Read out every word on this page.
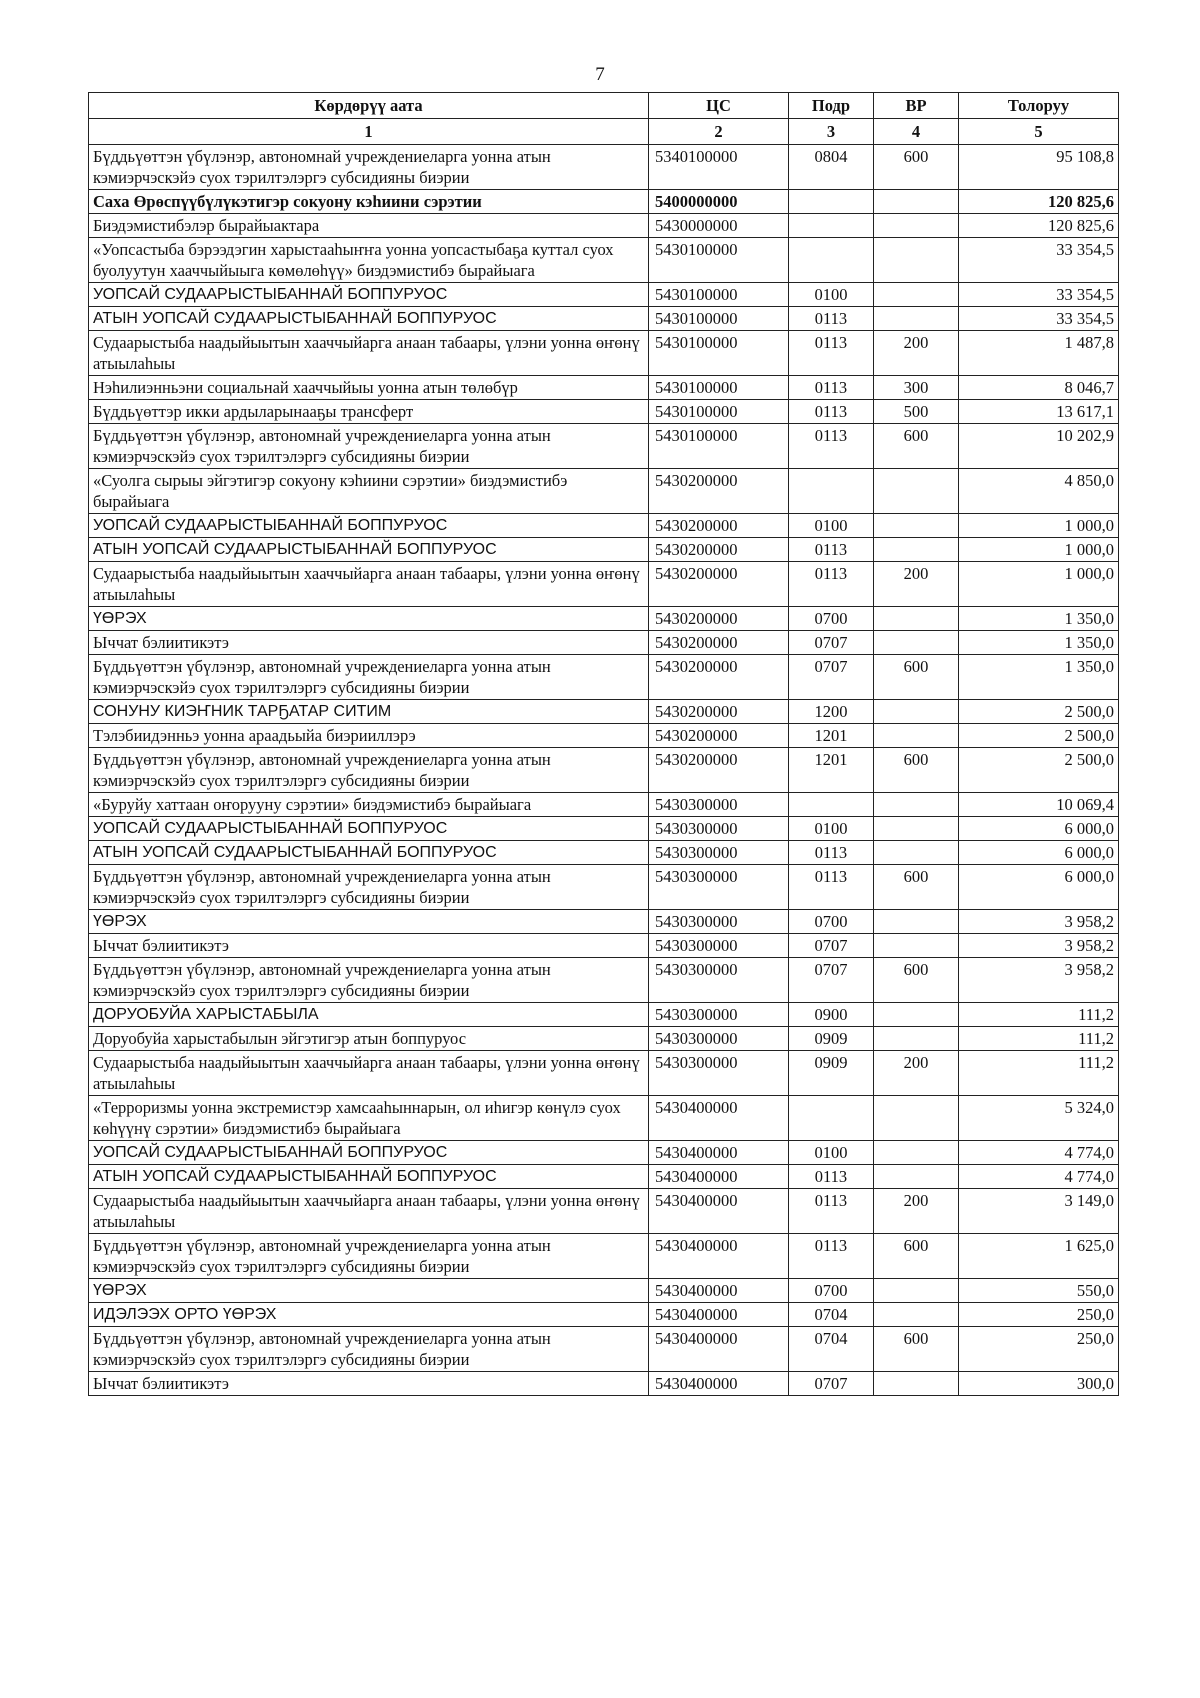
7
Көрдөрүү аата	ЦС	Подр	ВР	Толоруу
1	2	3	4	5
Бүддьүөттэн үбүлэнэр, автономнай учреждениеларга уонна атын кэмиэрчэскэйэ суох тэрилтэлэргэ субсидияны биэрии	5340100000	0804	600	95 108,8
Саха Өрөспүүбүлүкэтигэр сокуону кэһиини сэрэтии	5400000000			120 825,6
Биэдэмистибэлэр бырайыактара	5430000000			120 825,6
«Уопсастыба бэрээдэгин харыстааһыҥҥа уонна уопсастыбаҕа куттал суох буолуутун хааччыйыыга көмөлөһүү» биэдэмистибэ бырайыага	5430100000			33 354,5
УОПСАЙ СУДААРЫСТЫБАННАЙ БОППУРУОС	5430100000	0100		33 354,5
АТЫН УОПСАЙ СУДААРЫСТЫБАННАЙ БОППУРУОС	5430100000	0113		33 354,5
Судаарыстыба наадыйыытын хааччыйарга анаан табаары, үлэни уонна өҥөнү атыылаһыы	5430100000	0113	200	1 487,8
Нэһилиэнньэни социальнай хааччыйыы уонна атын төлөбүр	5430100000	0113	300	8 046,7
Бүддьүөттэр икки ардыларынааҕы трансферт	5430100000	0113	500	13 617,1
Бүддьүөттэн үбүлэнэр, автономнай учреждениеларга уонна атын кэмиэрчэскэйэ суох тэрилтэлэргэ субсидияны биэрии	5430100000	0113	600	10 202,9
«Суолга сырыы эйгэтигэр сокуону кэһиини сэрэтии» биэдэмистибэ бырайыага	5430200000			4 850,0
УОПСАЙ СУДААРЫСТЫБАННАЙ БОППУРУОС	5430200000	0100		1 000,0
АТЫН УОПСАЙ СУДААРЫСТЫБАННАЙ БОППУРУОС	5430200000	0113		1 000,0
Судаарыстыба наадыйыытын хааччыйарга анаан табаары, үлэни уонна өҥөнү атыылаһыы	5430200000	0113	200	1 000,0
ҮӨРЭХ	5430200000	0700		1 350,0
Ыччат бэлиитикэтэ	5430200000	0707		1 350,0
Бүддьүөттэн үбүлэнэр, автономнай учреждениеларга уонна атын кэмиэрчэскэйэ суох тэрилтэлэргэ субсидияны биэрии	5430200000	0707	600	1 350,0
СОНУНУ КИЭҤНИК ТАРҔАТАР СИТИМ	5430200000	1200		2 500,0
Тэлэбиидэнньэ уонна араадьыйа биэрииллэрэ	5430200000	1201		2 500,0
Бүддьүөттэн үбүлэнэр, автономнай учреждениеларга уонна атын кэмиэрчэскэйэ суох тэрилтэлэргэ субсидияны биэрии	5430200000	1201	600	2 500,0
«Буруйу хаттаан оҥорууну сэрэтии» биэдэмистибэ бырайыага	5430300000			10 069,4
УОПСАЙ СУДААРЫСТЫБАННАЙ БОППУРУОС	5430300000	0100		6 000,0
АТЫН УОПСАЙ СУДААРЫСТЫБАННАЙ БОППУРУОС	5430300000	0113		6 000,0
Бүддьүөттэн үбүлэнэр, автономнай учреждениеларга уонна атын кэмиэрчэскэйэ суох тэрилтэлэргэ субсидияны биэрии	5430300000	0113	600	6 000,0
ҮӨРЭХ	5430300000	0700		3 958,2
Ыччат бэлиитикэтэ	5430300000	0707		3 958,2
Бүддьүөттэн үбүлэнэр, автономнай учреждениеларга уонна атын кэмиэрчэскэйэ суох тэрилтэлэргэ субсидияны биэрии	5430300000	0707	600	3 958,2
ДОРУОБУЙА ХАРЫСТАБЫЛА	5430300000	0900		111,2
Доруобуйа харыстабылын эйгэтигэр атын боппуруос	5430300000	0909		111,2
Судаарыстыба наадыйыытын хааччыйарга анаан табаары, үлэни уонна өҥөнү атыылаһыы	5430300000	0909	200	111,2
«Терроризмы уонна экстремистэр хамсааһыннарын, ол иһигэр көнүлэ суох көһүүнү сэрэтии» биэдэмистибэ бырайыага	5430400000			5 324,0
УОПСАЙ СУДААРЫСТЫБАННАЙ БОППУРУОС	5430400000	0100		4 774,0
АТЫН УОПСАЙ СУДААРЫСТЫБАННАЙ БОППУРУОС	5430400000	0113		4 774,0
Судаарыстыба наадыйыытын хааччыйарга анаан табаары, үлэни уонна өҥөнү атыылаһыы	5430400000	0113	200	3 149,0
Бүддьүөттэн үбүлэнэр, автономнай учреждениеларга уонна атын кэмиэрчэскэйэ суох тэрилтэлэргэ субсидияны биэрии	5430400000	0113	600	1 625,0
ҮӨРЭХ	5430400000	0700		550,0
ИДЭЛЭЭХ ОРТО ҮӨРЭХ	5430400000	0704		250,0
Бүддьүөттэн үбүлэнэр, автономнай учреждениеларга уонна атын кэмиэрчэскэйэ суох тэрилтэлэргэ субсидияны биэрии	5430400000	0704	600	250,0
Ыччат бэлиитикэтэ	5430400000	0707		300,0
